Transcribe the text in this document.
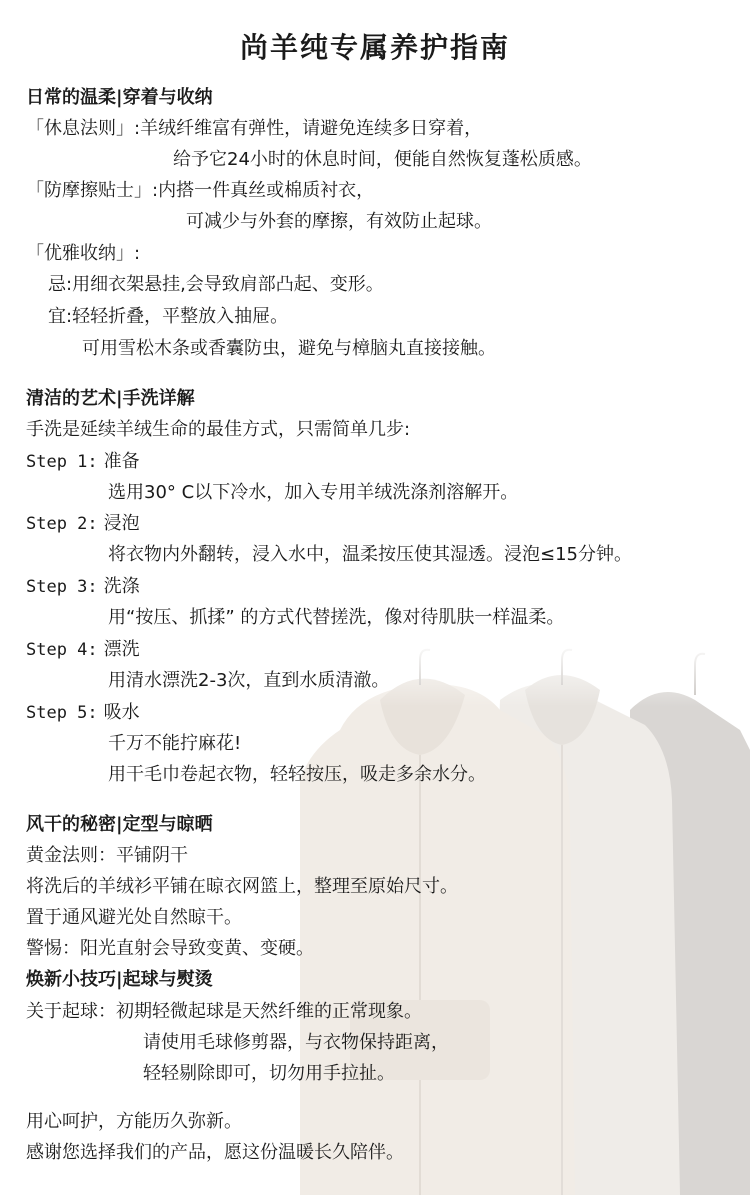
尚羊纯专属养护指南
日常的温柔|穿着与收纳
「休息法则」:羊绒纤维富有弹性，请避免连续多日穿着，
给予它24小时的休息时间，便能自然恢复蓬松质感。
「防摩擦贴士」:内搭一件真丝或棉质衬衣，
可减少与外套的摩擦，有效防止起球。
「优雅收纳」:
忌:用细衣架悬挂,会导致肩部凸起、变形。
宜:轻轻折叠，平整放入抽屉。
可用雪松木条或香囊防虫，避免与樟脑丸直接接触。
清洁的艺术|手洗详解
手洗是延续羊绒生命的最佳方式，只需简单几步:
Step 1: 准备
选用30° C以下冷水，加入专用羊绒洗涤剂溶解开。
Step 2: 浸泡
将衣物内外翻转，浸入水中，温柔按压使其湿透。浸泡≤15分钟。
Step 3: 洗涤
用“按压、抓揉” 的方式代替搓洗，像对待肌肤一样温柔。
Step 4: 漂洗
用清水漂洗2-3次，直到水质清澈。
Step 5: 吸水
千万不能拧麻花!
用干毛巾卷起衣物，轻轻按压，吸走多余水分。
风干的秘密|定型与晾晒
黄金法则：平铺阴干
将洗后的羊绒衫平铺在晾衣网篮上，整理至原始尺寸。
置于通风避光处自然晾干。
警惕：阳光直射会导致变黄、变硬。
焕新小技巧|起球与熨烫
关于起球：初期轻微起球是天然纤维的正常现象。
请使用毛球修剪器，与衣物保持距离，
轻轻剔除即可，切勿用手拉扯。
用心呵护，方能历久弥新。
感谢您选择我们的产品，愿这份温暖长久陪伴。
